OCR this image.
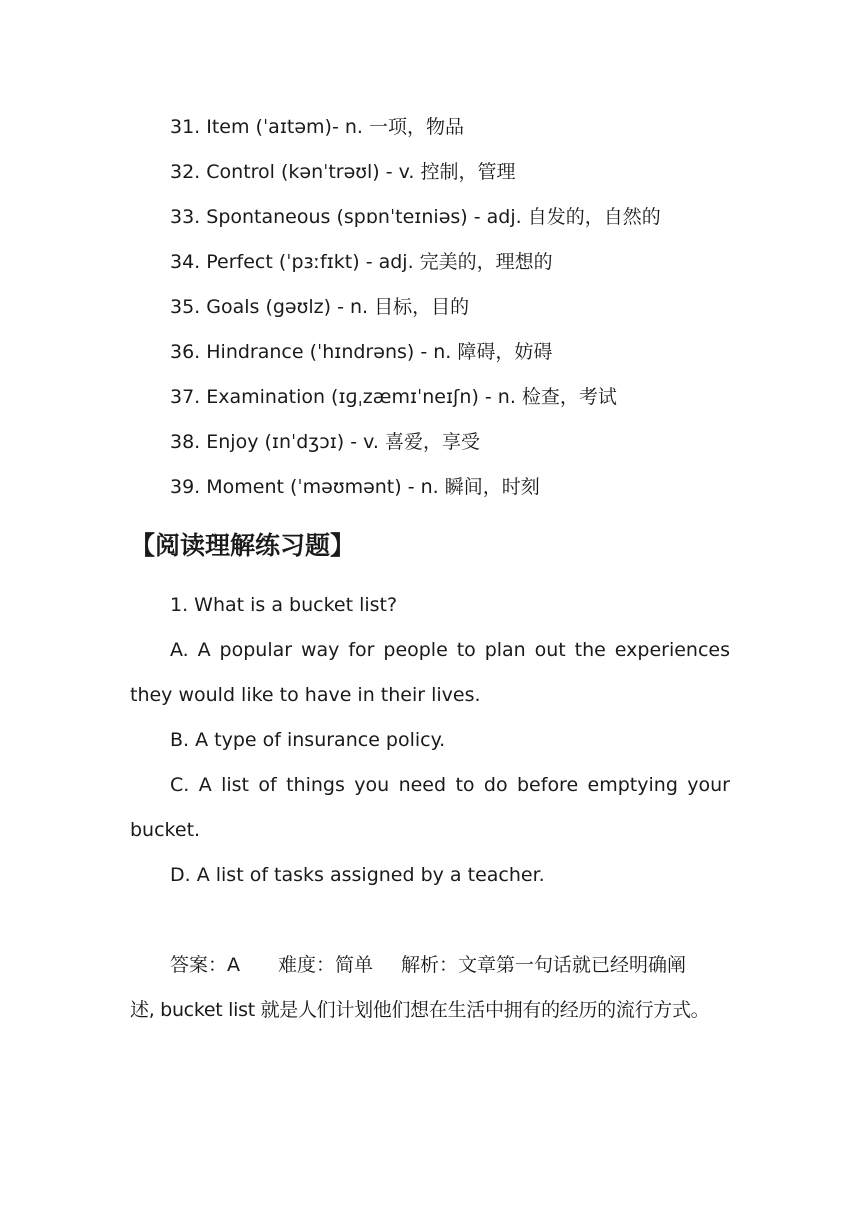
31. Item (ˈaɪtəm)- n. 一项，物品
32. Control (kənˈtrəʊl) - v. 控制，管理
33. Spontaneous (spɒnˈteɪniəs) - adj. 自发的，自然的
34. Perfect (ˈpɜːfɪkt) - adj. 完美的，理想的
35. Goals (gəʊlz) - n. 目标，目的
36. Hindrance (ˈhɪndrəns) - n. 障碍，妨碍
37. Examination (ɪɡˌzæmɪˈneɪʃn) - n. 检查，考试
38. Enjoy (ɪnˈdʒɔɪ) - v. 喜爱，享受
39. Moment (ˈməʊmənt) - n. 瞬间，时刻
【阅读理解练习题】

1. What is a bucket list?

A. A popular way for people to plan out the experiences they would like to have in their lives.

B. A type of insurance policy.

C. A list of things you need to do before emptying your bucket.

D. A list of tasks assigned by a teacher.

答案：A 难度：简单 解析：文章第一句话就已经明确阐

述, bucket list 就是人们计划他们想在生活中拥有的经历的流行方式。
